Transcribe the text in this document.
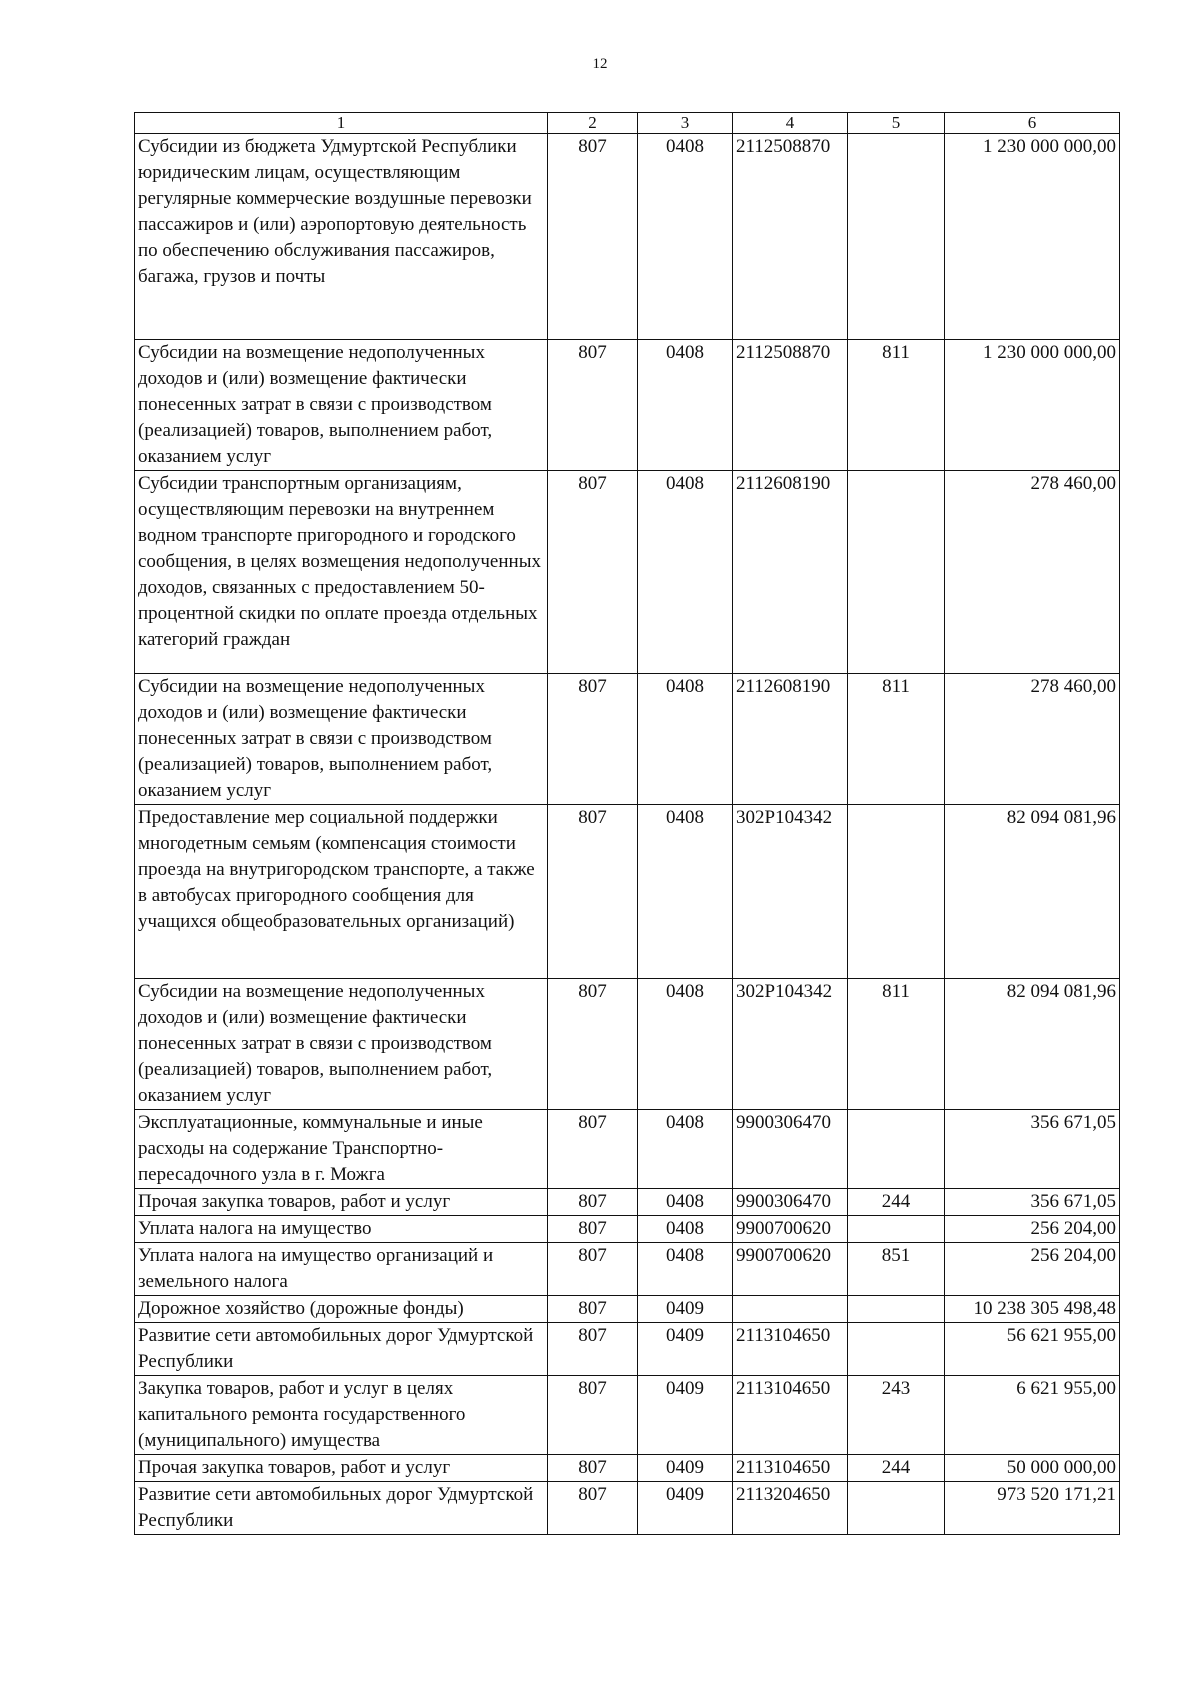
12
1	2	3	4	5	6
Субсидии из бюджета Удмуртской Республики юридическим лицам, осуществляющим регулярные коммерческие воздушные перевозки пассажиров и (или) аэропортовую деятельность по обеспечению обслуживания пассажиров, багажа, грузов и почты	807	0408	2112508870		1 230 000 000,00
Субсидии на возмещение недополученных доходов и (или) возмещение фактически понесенных затрат в связи с производством (реализацией) товаров, выполнением работ, оказанием услуг	807	0408	2112508870	811	1 230 000 000,00
Субсидии транспортным организациям, осуществляющим перевозки на внутреннем водном транспорте пригородного и городского сообщения, в целях возмещения недополученных доходов, связанных с предоставлением 50-процентной скидки по оплате проезда отдельных категорий граждан	807	0408	2112608190		278 460,00
Субсидии на возмещение недополученных доходов и (или) возмещение фактически понесенных затрат в связи с производством (реализацией) товаров, выполнением работ, оказанием услуг	807	0408	2112608190	811	278 460,00
Предоставление мер социальной поддержки многодетным семьям (компенсация стоимости проезда на внутригородском транспорте, а также в автобусах пригородного сообщения для учащихся общеобразовательных организаций)	807	0408	302P104342		82 094 081,96
Субсидии на возмещение недополученных доходов и (или) возмещение фактически понесенных затрат в связи с производством (реализацией) товаров, выполнением работ, оказанием услуг	807	0408	302P104342	811	82 094 081,96
Эксплуатационные, коммунальные и иные расходы на содержание Транспортно-пересадочного узла в г. Можга	807	0408	9900306470		356 671,05
Прочая закупка товаров, работ и услуг	807	0408	9900306470	244	356 671,05
Уплата налога на имущество	807	0408	9900700620		256 204,00
Уплата налога на имущество организаций и земельного налога	807	0408	9900700620	851	256 204,00
Дорожное хозяйство (дорожные фонды)	807	0409			10 238 305 498,48
Развитие сети автомобильных дорог Удмуртской Республики	807	0409	2113104650		56 621 955,00
Закупка товаров, работ и услуг в целях капитального ремонта государственного (муниципального) имущества	807	0409	2113104650	243	6 621 955,00
Прочая закупка товаров, работ и услуг	807	0409	2113104650	244	50 000 000,00
Развитие сети автомобильных дорог Удмуртской Республики	807	0409	2113204650		973 520 171,21
